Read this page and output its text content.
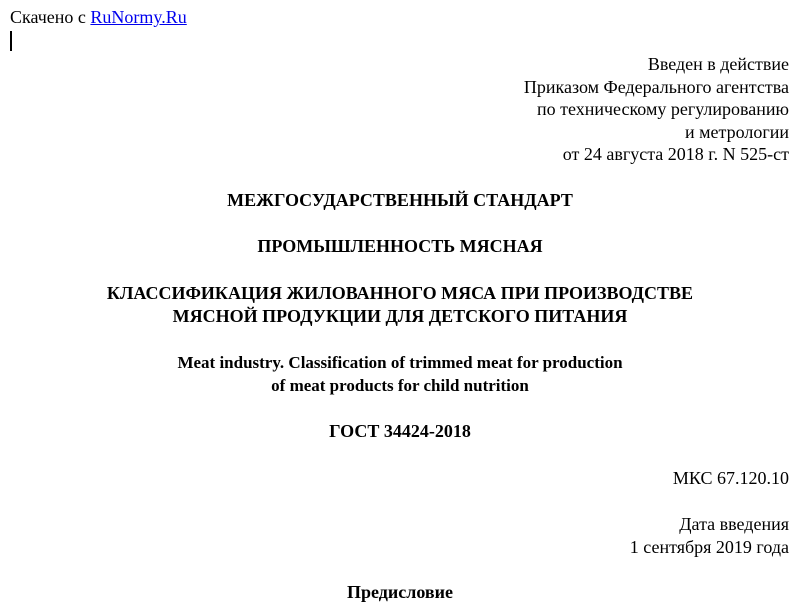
Скачено с RuNormy.Ru
Введен в действие
Приказом Федерального агентства
по техническому регулированию
и метрологии
от 24 августа 2018 г. N 525-ст
МЕЖГОСУДАРСТВЕННЫЙ СТАНДАРТ
ПРОМЫШЛЕННОСТЬ МЯСНАЯ
КЛАССИФИКАЦИЯ ЖИЛОВАННОГО МЯСА ПРИ ПРОИЗВОДСТВЕ
МЯСНОЙ ПРОДУКЦИИ ДЛЯ ДЕТСКОГО ПИТАНИЯ
Meat industry. Classification of trimmed meat for production
of meat products for child nutrition
ГОСТ 34424-2018
МКС 67.120.10
Дата введения
1 сентября 2019 года
Предисловие
